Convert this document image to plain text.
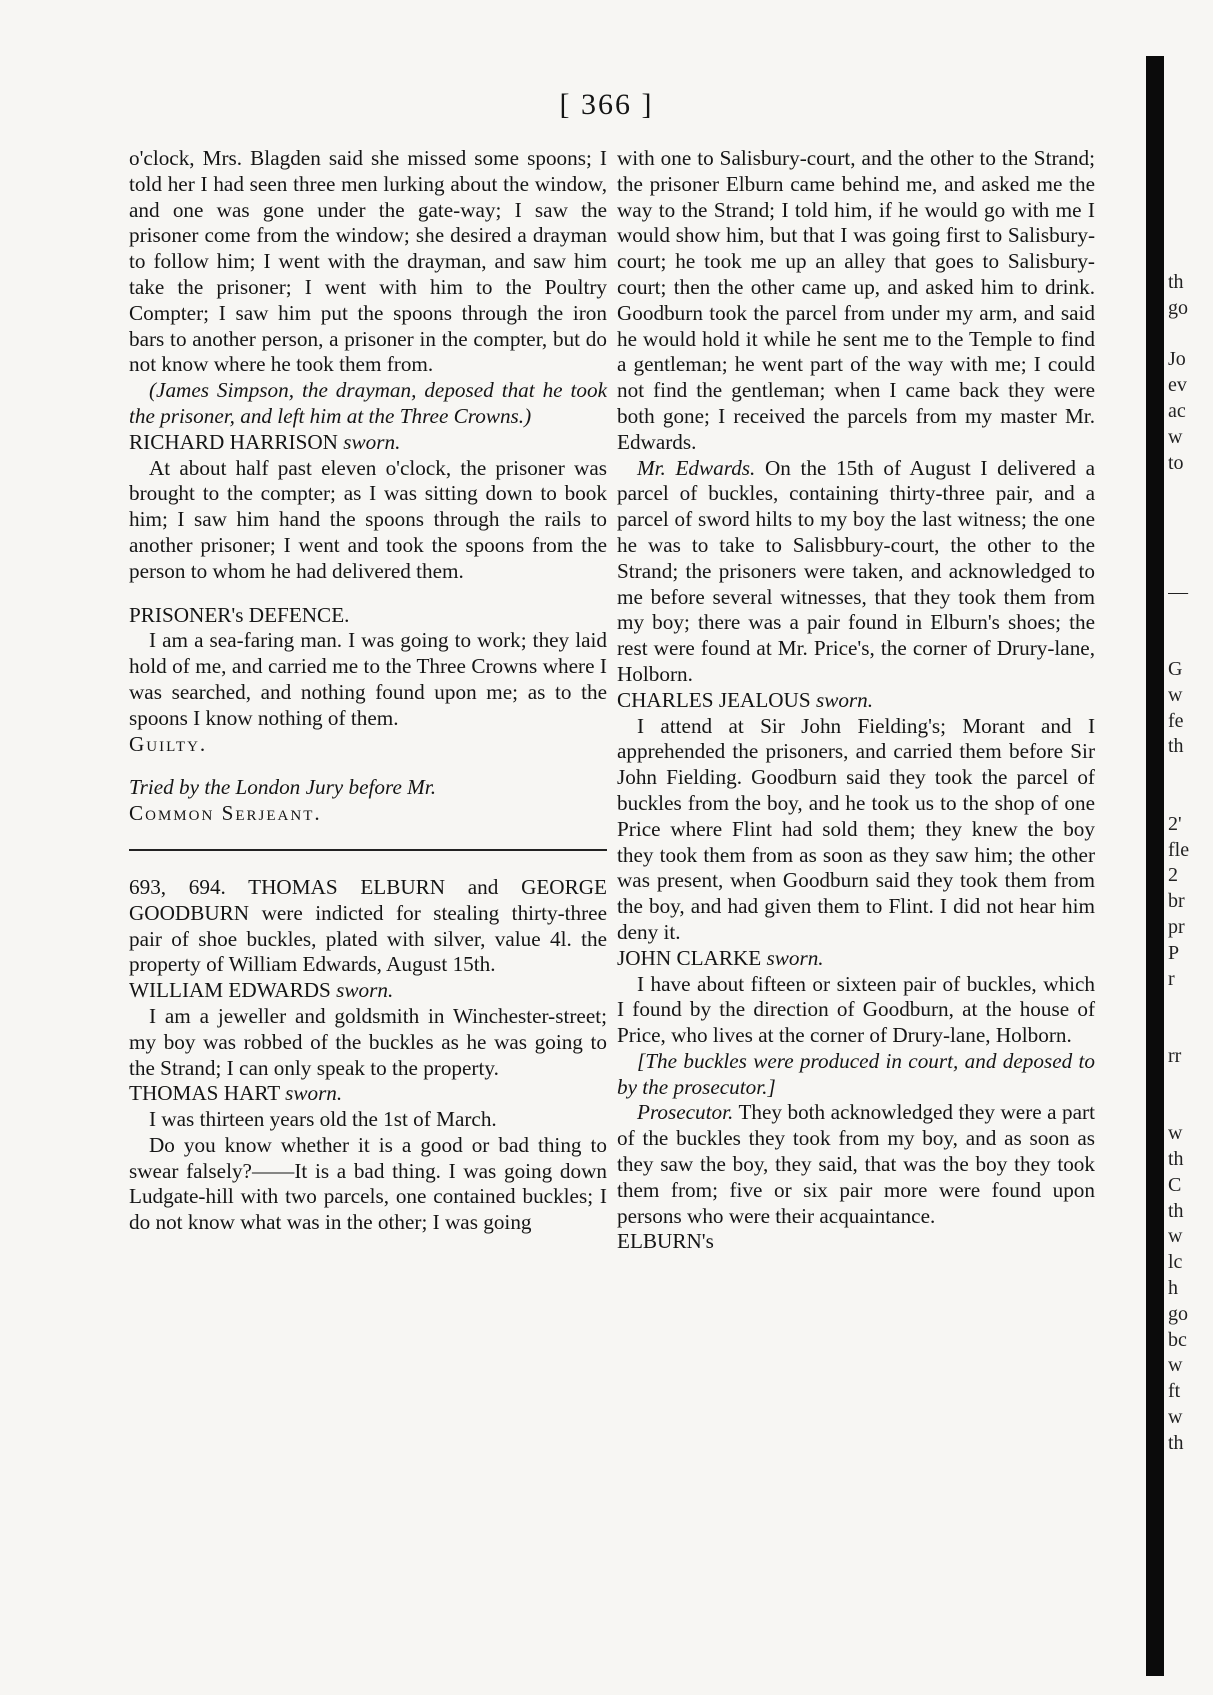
[ 366 ]

o'clock, Mrs. Blagden said she missed some spoons; I told her I had seen three men lurking about the window, and one was gone under the gate-way; I saw the prisoner come from the window; she desired a drayman to follow him; I went with the drayman, and saw him take the prisoner; I went with him to the Poultry Compter; I saw him put the spoons through the iron bars to another person, a prisoner in the compter, but do not know where he took them from.

(James Simpson, the drayman, deposed that he took the prisoner, and left him at the Three Crowns.)

RICHARD HARRISON sworn.

At about half past eleven o'clock, the prisoner was brought to the compter; as I was sitting down to book him; I saw him hand the spoons through the rails to another prisoner; I went and took the spoons from the person to whom he had delivered them.

PRISONER's DEFENCE.

I am a sea-faring man. I was going to work; they laid hold of me, and carried me to the Three Crowns where I was searched, and nothing found upon me; as to the spoons I know nothing of them.

Guilty.

Tried by the London Jury before Mr.

Common Serjeant.

693, 694. THOMAS ELBURN and GEORGE GOODBURN were indicted for stealing thirty-three pair of shoe buckles, plated with silver, value 4l. the property of William Edwards, August 15th.

WILLIAM EDWARDS sworn.

I am a jeweller and goldsmith in Winchester-street; my boy was robbed of the buckles as he was going to the Strand; I can only speak to the property.

THOMAS HART sworn.

I was thirteen years old the 1st of March.

Do you know whether it is a good or bad thing to swear falsely?——It is a bad thing. I was going down Ludgate-hill with two parcels, one contained buckles; I do not know what was in the other; I was going

with one to Salisbury-court, and the other to the Strand; the prisoner Elburn came behind me, and asked me the way to the Strand; I told him, if he would go with me I would show him, but that I was going first to Salisbury-court; he took me up an alley that goes to Salisbury-court; then the other came up, and asked him to drink. Goodburn took the parcel from under my arm, and said he would hold it while he sent me to the Temple to find a gentleman; he went part of the way with me; I could not find the gentleman; when I came back they were both gone; I received the parcels from my master Mr. Edwards.

Mr. Edwards. On the 15th of August I delivered a parcel of buckles, containing thirty-three pair, and a parcel of sword hilts to my boy the last witness; the one he was to take to Salisbbury-court, the other to the Strand; the prisoners were taken, and acknowledged to me before several witnesses, that they took them from my boy; there was a pair found in Elburn's shoes; the rest were found at Mr. Price's, the corner of Drury-lane, Holborn.

CHARLES JEALOUS sworn.

I attend at Sir John Fielding's; Morant and I apprehended the prisoners, and carried them before Sir John Fielding. Goodburn said they took the parcel of buckles from the boy, and he took us to the shop of one Price where Flint had sold them; they knew the boy they took them from as soon as they saw him; the other was present, when Goodburn said they took them from the boy, and had given them to Flint. I did not hear him deny it.

JOHN CLARKE sworn.

I have about fifteen or sixteen pair of buckles, which I found by the direction of Goodburn, at the house of Price, who lives at the corner of Drury-lane, Holborn.

[The buckles were produced in court, and deposed to by the prosecutor.]

Prosecutor. They both acknowledged they were a part of the buckles they took from my boy, and as soon as they saw the boy, they said, that was the boy they took them from; five or six pair more were found upon persons who were their acquaintance.

ELBURN's

th
go
Jo
ev
ac
w
to
—
G
w
fe
th
2'
fle
2
br
pr
P
r
rr
w
th
C
th
w
lc
h
go
bc
w
ft
w
th
